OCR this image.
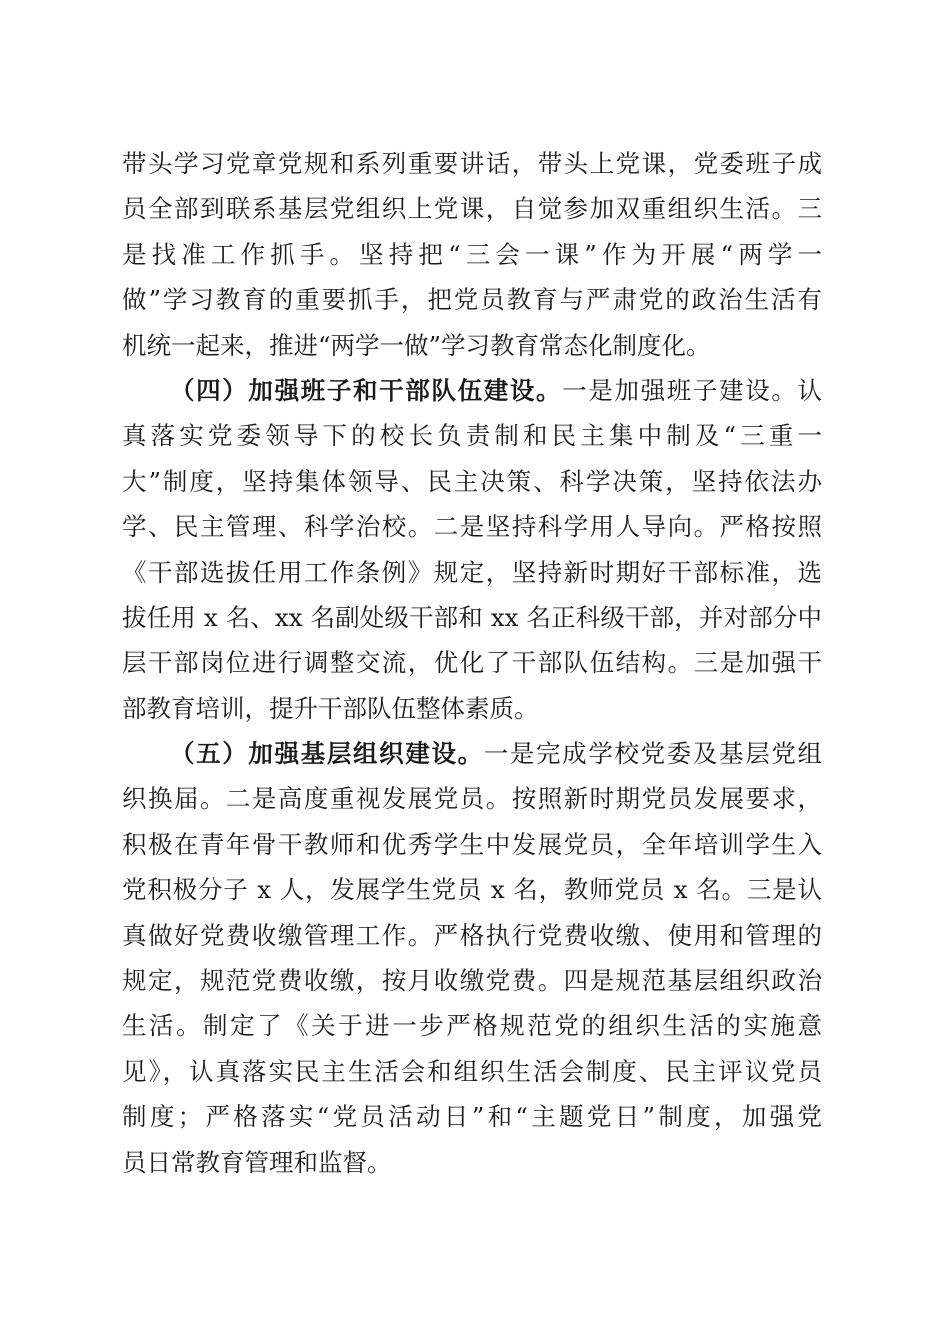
带头学习党章党规和系列重要讲话，带头上党课，党委班子成
员全部到联系基层党组织上党课，自觉参加双重组织生活。三
是找准工作抓手。坚持把“三会一课”作为开展“两学一
做”学习教育的重要抓手，把党员教育与严肃党的政治生活有
机统一起来，推进“两学一做”学习教育常态化制度化。
（四）加强班子和干部队伍建设。一是加强班子建设。认
真落实党委领导下的校长负责制和民主集中制及“三重一
大”制度，坚持集体领导、民主决策、科学决策，坚持依法办
学、民主管理、科学治校。二是坚持科学用人导向。严格按照
《干部选拔任用工作条例》规定，坚持新时期好干部标准，选
拔任用 x 名、xx 名副处级干部和 xx 名正科级干部，并对部分中
层干部岗位进行调整交流，优化了干部队伍结构。三是加强干
部教育培训，提升干部队伍整体素质。
（五）加强基层组织建设。一是完成学校党委及基层党组
织换届。二是高度重视发展党员。按照新时期党员发展要求，
积极在青年骨干教师和优秀学生中发展党员，全年培训学生入
党积极分子 x 人，发展学生党员 x 名，教师党员 x 名。三是认
真做好党费收缴管理工作。严格执行党费收缴、使用和管理的
规定，规范党费收缴，按月收缴党费。四是规范基层组织政治
生活。制定了《关于进一步严格规范党的组织生活的实施意
见》，认真落实民主生活会和组织生活会制度、民主评议党员
制度；严格落实“党员活动日”和“主题党日”制度，加强党
员日常教育管理和监督。
